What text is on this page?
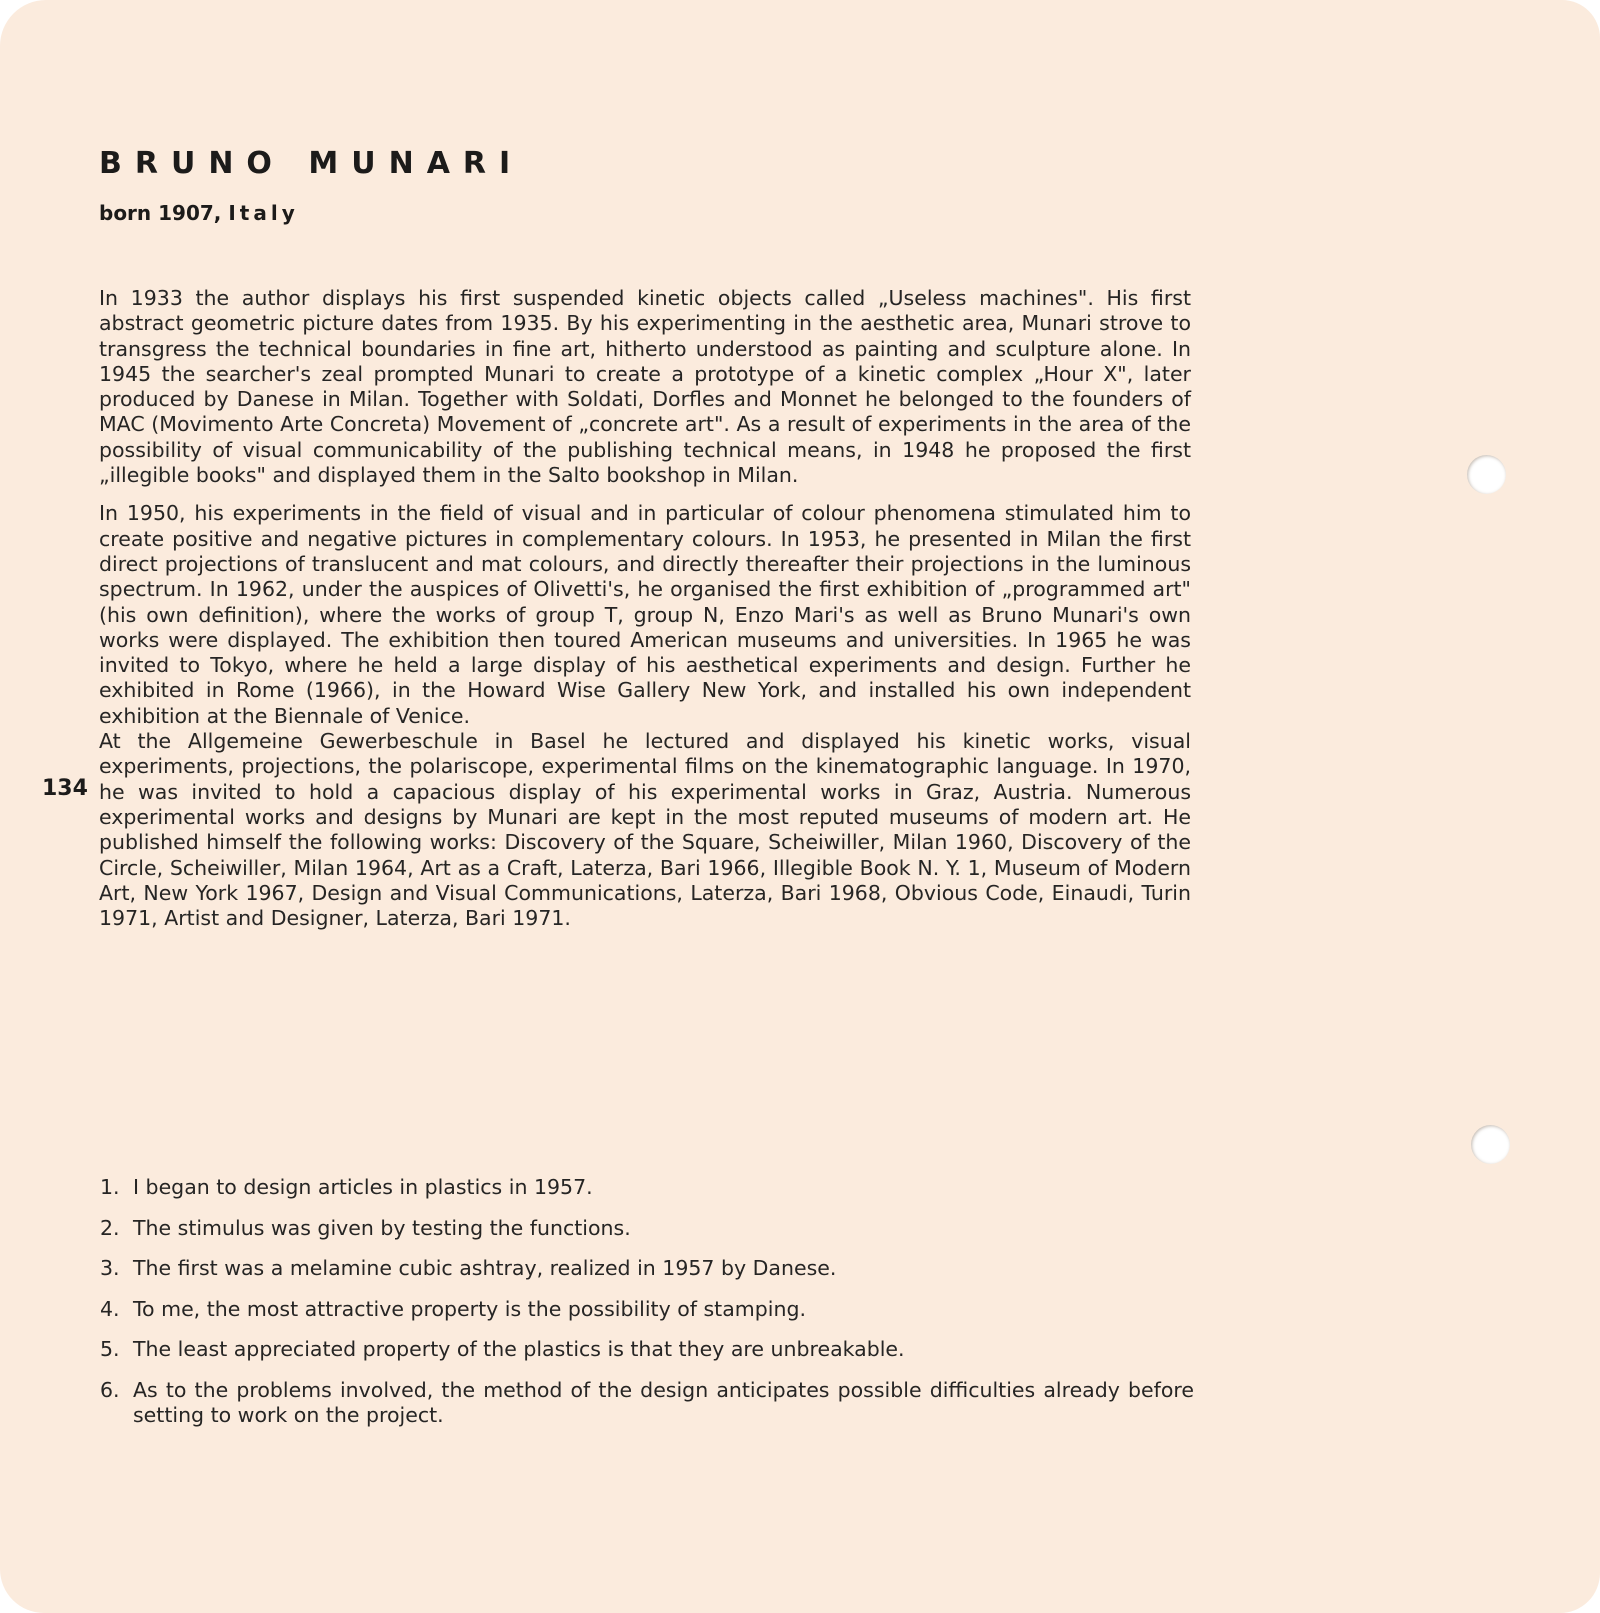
BRUNO MUNARI
born 1907, Italy

In 1933 the author displays his first suspended kinetic objects called „Useless machines". His first abstract geometric picture dates from 1935. By his experimenting in the aesthetic area, Munari strove to transgress the technical boundaries in fine art, hitherto understood as painting and sculpture alone. In 1945 the searcher's zeal prompted Munari to create a prototype of a kinetic complex „Hour X", later produced by Danese in Milan. Together with Soldati, Dorfles and Monnet he belonged to the founders of MAC (Movimento Arte Concreta) Movement of „concrete art". As a result of experiments in the area of the possibility of visual communicability of the publishing technical means, in 1948 he proposed the first „illegible books" and displayed them in the Salto bookshop in Milan.

In 1950, his experiments in the field of visual and in particular of colour phenomena stimulated him to create positive and negative pictures in complementary colours. In 1953, he presented in Milan the first direct projections of translucent and mat colours, and directly thereafter their projections in the luminous spectrum. In 1962, under the auspices of Olivetti's, he organised the first exhibition of „programmed art" (his own definition), where the works of group T, group N, Enzo Mari's as well as Bruno Munari's own works were displayed. The exhibition then toured American museums and universities. In 1965 he was invited to Tokyo, where he held a large display of his aesthetical experiments and design. Further he exhibited in Rome (1966), in the Howard Wise Gallery New York, and installed his own independent exhibition at the Biennale of Venice.

At the Allgemeine Gewerbeschule in Basel he lectured and displayed his kinetic works, visual experiments, projections, the polariscope, experimental films on the kinematographic language. In 1970, he was invited to hold a capacious display of his experimental works in Graz, Austria. Numerous experimental works and designs by Munari are kept in the most reputed museums of modern art. He published himself the following works: Discovery of the Square, Scheiwiller, Milan 1960, Discovery of the Circle, Scheiwiller, Milan 1964, Art as a Craft, Laterza, Bari 1966, Illegible Book N. Y. 1, Museum of Modern Art, New York 1967, Design and Visual Communications, Laterza, Bari 1968, Obvious Code, Einaudi, Turin 1971, Artist and Designer, Laterza, Bari 1971.

134
1. I began to design articles in plastics in 1957.
2. The stimulus was given by testing the functions.
3. The first was a melamine cubic ashtray, realized in 1957 by Danese.
4. To me, the most attractive property is the possibility of stamping.
5. The least appreciated property of the plastics is that they are unbreakable.
6. As to the problems involved, the method of the design anticipates possible difficulties already before setting to work on the project.
